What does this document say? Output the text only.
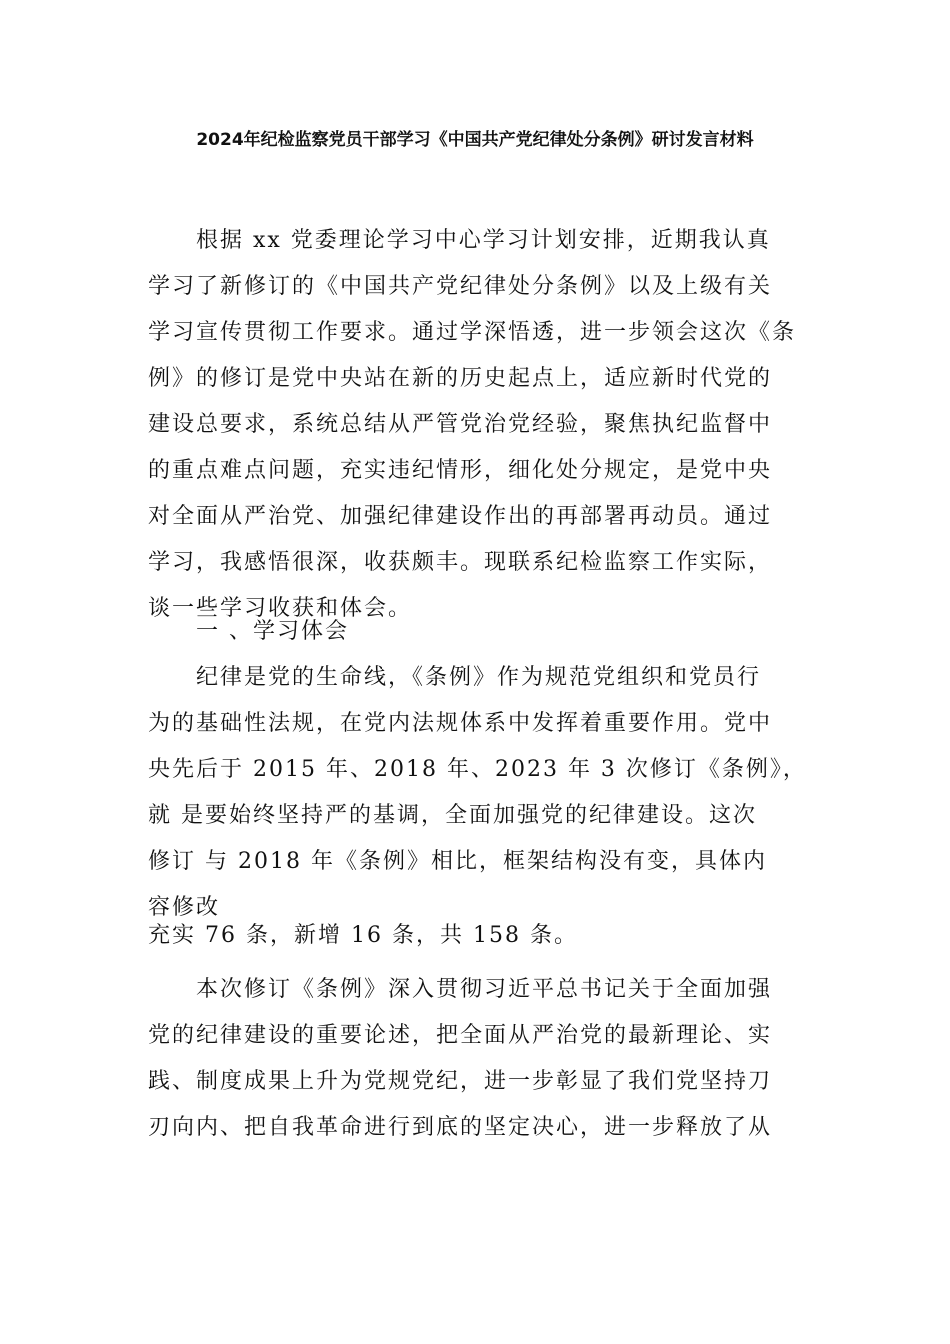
2024年纪检监察党员干部学习《中国共产党纪律处分条例》研讨发言材料
根据 xx 党委理论学习中心学习计划安排，近期我认真
学习了新修订的《中国共产党纪律处分条例》以及上级有关
学习宣传贯彻工作要求。通过学深悟透，进一步领会这次《条
例》的修订是党中央站在新的历史起点上，适应新时代党的
建设总要求，系统总结从严管党治党经验，聚焦执纪监督中
的重点难点问题，充实违纪情形，细化处分规定，是党中央
对全面从严治党、加强纪律建设作出的再部署再动员。通过
学习，我感悟很深，收获颇丰。现联系纪检监察工作实际，
谈一些学习收获和体会。
一 、学习体会
纪律是党的生命线，《条例》作为规范党组织和党员行
为的基础性法规，在党内法规体系中发挥着重要作用。党中
央先后于 2015 年、2018 年、2023 年 3 次修订《条例》，
就 是要始终坚持严的基调，全面加强党的纪律建设。这次
修订 与 2018 年《条例》相比，框架结构没有变，具体内
容修改
充实 76 条，新增 16 条，共 158 条。
本次修订《条例》深入贯彻习近平总书记关于全面加强
党的纪律建设的重要论述，把全面从严治党的最新理论、实
践、制度成果上升为党规党纪，进一步彰显了我们党坚持刀
刃向内、把自我革命进行到底的坚定决心，进一步释放了从
